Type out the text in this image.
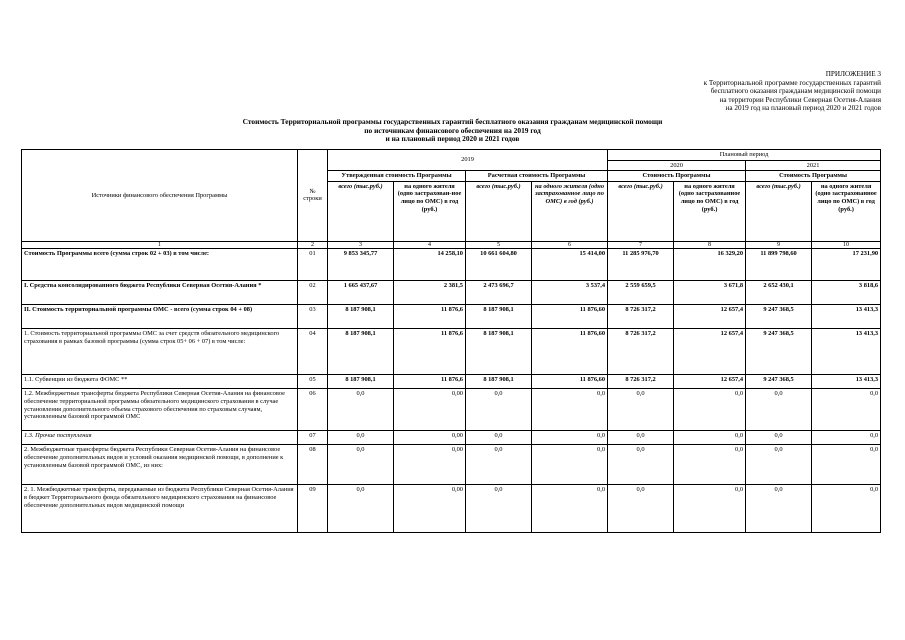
ПРИЛОЖЕНИЕ 3
к Территориальной программе государственных гарантий
бесплатного оказания гражданам медицинской помощи
на территории Республики Северная Осетия-Алания
на 2019 год на плановый период 2020 и 2021 годов
Стоимость Территориальной программы государственных гарантий бесплатного оказания гражданам медицинской помощи
по источникам финансового обеспечения на 2019 год
и на плановый период 2020 и 2021 годов
Источники финансового обеспечения Программы	№ строки	2019				Плановый период			
						2020		2021	
		Утвержденная стоимость Программы		Расчетная стоимость Программы		Стоимость Программы		Стоимость Программы	
		всего (тыс.руб.)	на одного жителя (одно застрахован-ное лицо по ОМС) в год (руб.)	всего (тыс.руб.)	на одного жителя (одно застрахованное лицо по ОМС) в год (руб.)	всего (тыс.руб.)	на одного жителя (одно застрахованное лицо по ОМС) в год (руб.)	всего (тыс.руб.)	на одного жителя (одно застрахованное лицо по ОМС) в год (руб.)
1	2	3	4	5	6	7	8	9	10
Стоимость Программы всего (сумма строк 02 + 03) в том числе:	01	9 853 345,77	14 258,10	10 661 604,80	15 414,00	11 285 976,70	16 329,20	11 899 798,60	17 231,90
I. Средства консолидированного бюджета Республики Северная Осетия-Алания *	02	1 665 437,67	2 381,5	2 473 696,7	3 537,4	2 559 659,5	3 671,8	2 652 430,1	3 818,6
II. Стоимость территориальной программы ОМС - всего (сумма строк 04 + 08)	03	8 187 908,1	11 876,6	8 187 908,1	11 876,60	8 726 317,2	12 657,4	9 247 368,5	13 413,3
1. Стоимость территориальной программы ОМС за счет средств обязательного медицинского страхования в рамках базовой программы (сумма строк 05+ 06 + 07) в том числе:	04	8 187 908,1	11 876,6	8 187 908,1	11 876,60	8 726 317,2	12 657,4	9 247 368,5	13 413,3
1.1. Субвенции из бюджета ФОМС **	05	8 187 908,1	11 876,6	8 187 908,1	11 876,60	8 726 317,2	12 657,4	9 247 368,5	13 413,3
1.2. Межбюджетные трансферты бюджета Республики Северная Осетия-Алания на финансовое обеспечение территориальной программы обязательного медицинского страхования в случае установления дополнительного объема страхового обеспечения по страховым случаям, установленным базовой программой ОМС	06	0,0	0,00	0,0	0,0	0,0	0,0	0,0	0,0
1.3. Прочие поступления	07	0,0	0,00	0,0	0,0	0,0	0,0	0,0	0,0
2. Межбюджетные трансферты бюджета Республики Северная Осетия-Алания на финансовое обеспечение дополнительных видов и условий оказания медицинской помощи, в дополнение к установленным базовой программой ОМС, из них:	08	0,0	0,00	0,0	0,0	0,0	0,0	0,0	0,0
2. 1. Межбюджетные трансферты, передаваемые из бюджета Республики Северная Осетия-Алания в бюджет Территориального фонда обязательного медицинского страхования на финансовое обеспечение дополнительных видов медицинской помощи	09	0,0	0,00	0,0	0,0	0,0	0,0	0,0	0,0
